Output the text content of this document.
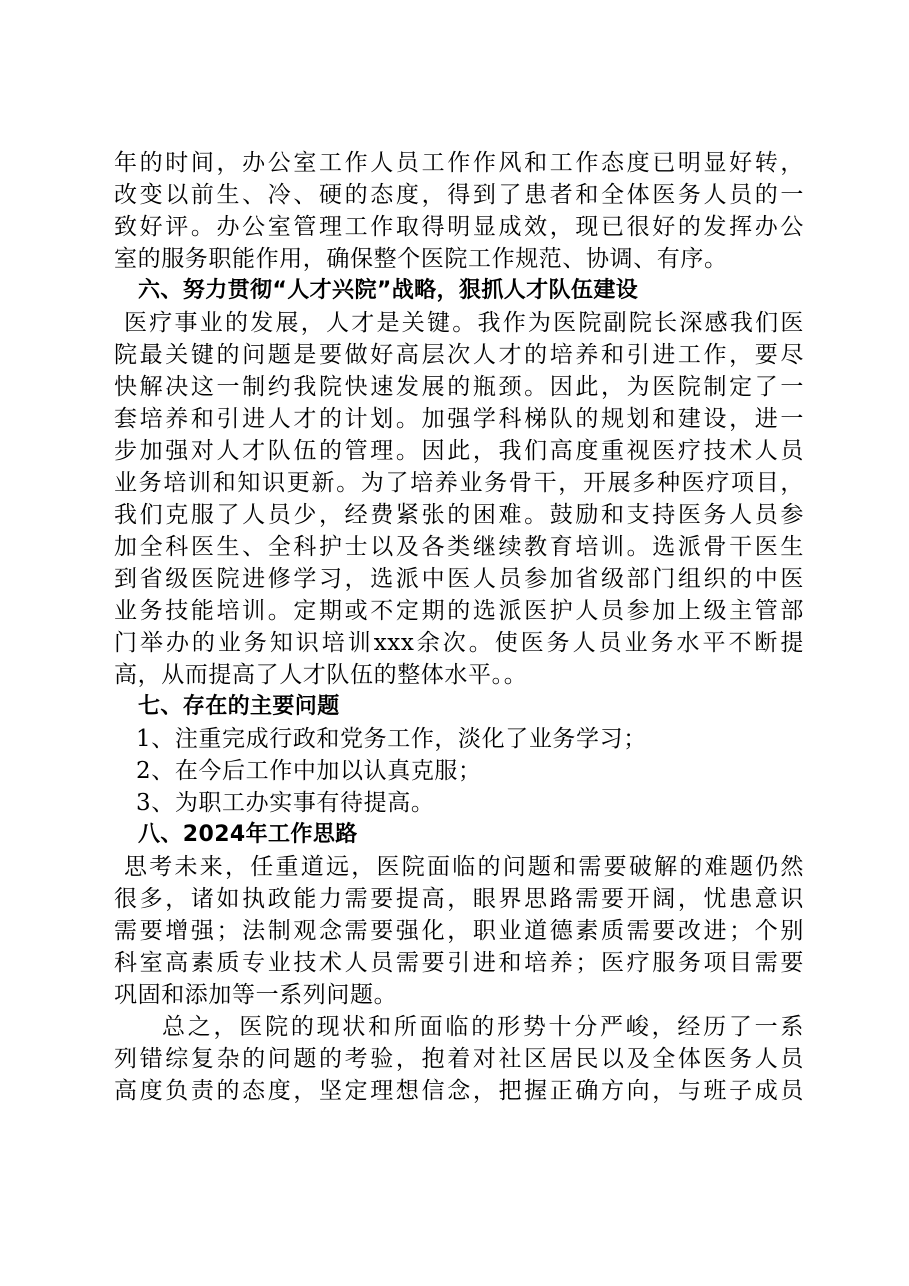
年的时间，办公室工作人员工作作风和工作态度已明显好转，
改变以前生、冷、硬的态度，得到了患者和全体医务人员的一
致好评。办公室管理工作取得明显成效，现已很好的发挥办公
室的服务职能作用，确保整个医院工作规范、协调、有序。
六、努力贯彻“人才兴院”战略，狠抓人才队伍建设
医疗事业的发展，人才是关键。我作为医院副院长深感我们医
院最关键的问题是要做好高层次人才的培养和引进工作，要尽
快解决这一制约我院快速发展的瓶颈。因此，为医院制定了一
套培养和引进人才的计划。加强学科梯队的规划和建设，进一
步加强对人才队伍的管理。因此，我们高度重视医疗技术人员
业务培训和知识更新。为了培养业务骨干，开展多种医疗项目，
我们克服了人员少，经费紧张的困难。鼓励和支持医务人员参
加全科医生、全科护士以及各类继续教育培训。选派骨干医生
到省级医院进修学习，选派中医人员参加省级部门组织的中医
业务技能培训。定期或不定期的选派医护人员参加上级主管部
门举办的业务知识培训xxx余次。使医务人员业务水平不断提
高，从而提高了人才队伍的整体水平。。
七、存在的主要问题
1、注重完成行政和党务工作，淡化了业务学习；
2、在今后工作中加以认真克服；
3、为职工办实事有待提高。
八、2024年工作思路
思考未来，任重道远，医院面临的问题和需要破解的难题仍然
很多，诸如执政能力需要提高，眼界思路需要开阔，忧患意识
需要增强；法制观念需要强化，职业道德素质需要改进；个别
科室高素质专业技术人员需要引进和培养；医疗服务项目需要
巩固和添加等一系列问题。
总之，医院的现状和所面临的形势十分严峻，经历了一系
列错综复杂的问题的考验，抱着对社区居民以及全体医务人员
高度负责的态度，坚定理想信念，把握正确方向，与班子成员
